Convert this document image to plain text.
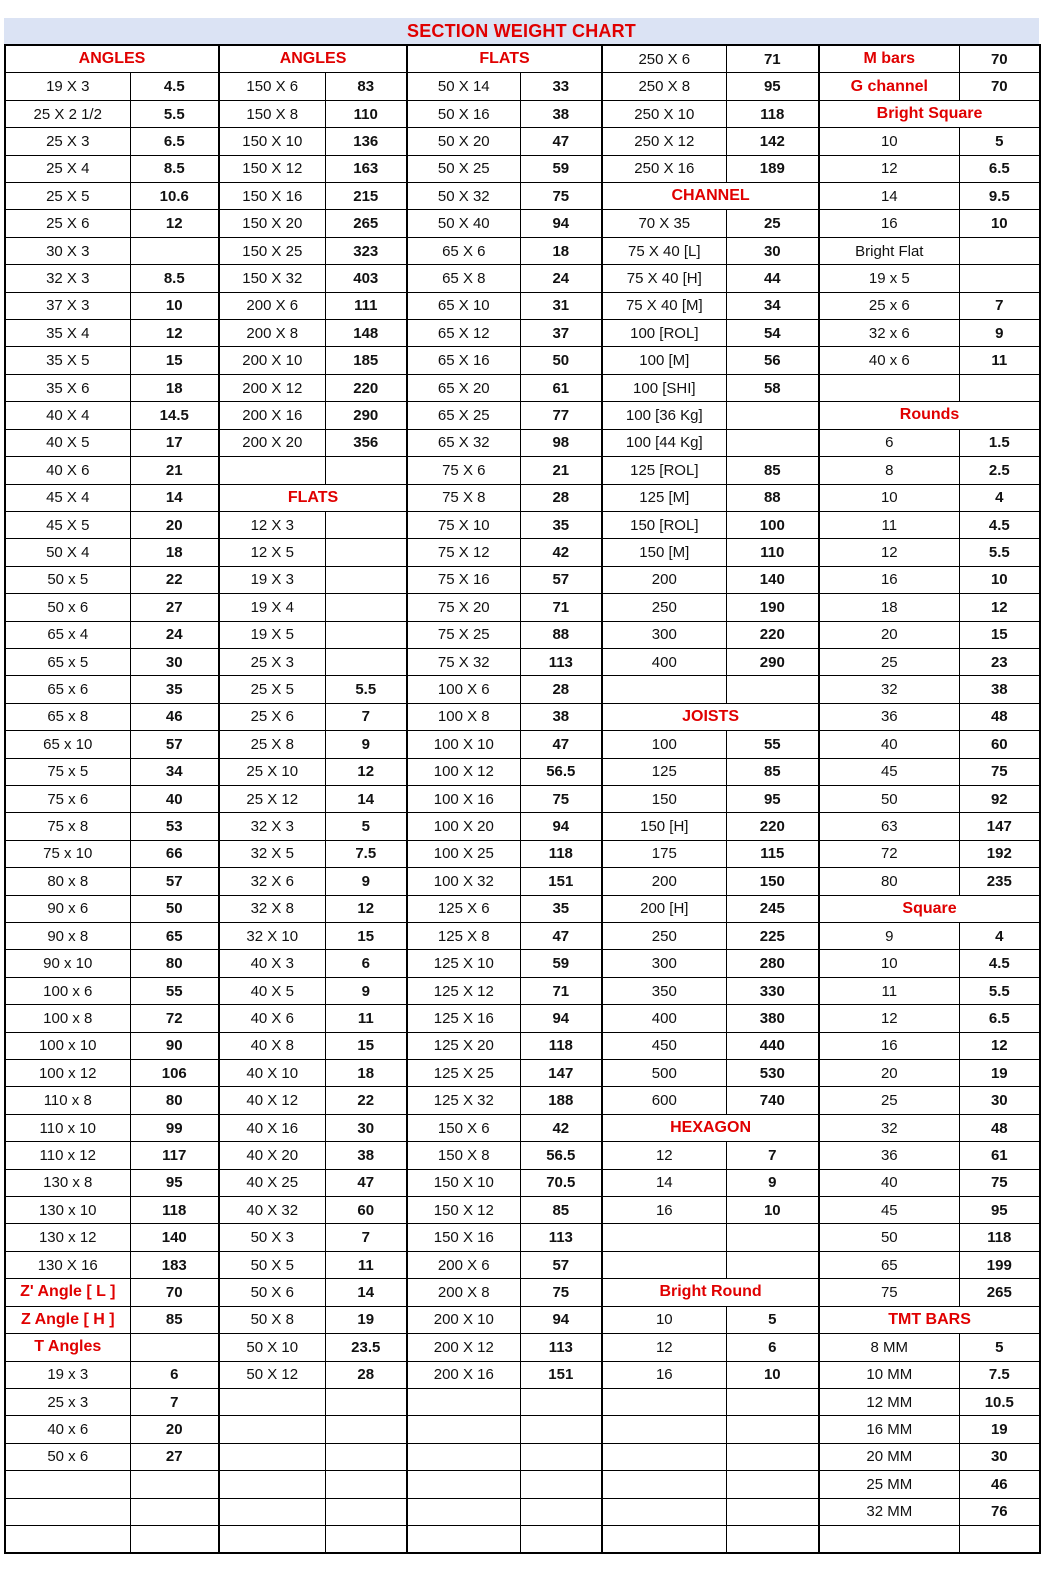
SECTION WEIGHT CHART
ANGLES		ANGLES		FLATS		250 X 6	71	M bars	70
19 X 3	4.5	150 X 6	83	50 X 14	33	250 X 8	95	G channel	70
25 X 2 1/2	5.5	150 X 8	110	50 X 16	38	250 X 10	118	Bright Square	
25 X 3	6.5	150 X 10	136	50 X 20	47	250 X 12	142	10	5
25 X 4	8.5	150 X 12	163	50 X 25	59	250 X 16	189	12	6.5
25 X 5	10.6	150 X 16	215	50 X 32	75	CHANNEL		14	9.5
25 X 6	12	150 X 20	265	50 X 40	94	70 X 35	25	16	10
30 X 3		150 X 25	323	65 X 6	18	75 X 40 [L]	30	Bright Flat	
32 X 3	8.5	150 X 32	403	65 X 8	24	75 X 40 [H]	44	19 x 5	
37 X 3	10	200 X 6	111	65 X 10	31	75 X 40 [M]	34	25 x 6	7
35 X 4	12	200 X 8	148	65 X 12	37	100 [ROL]	54	32 x 6	9
35 X 5	15	200 X 10	185	65 X 16	50	100 [M]	56	40 x 6	11
35 X 6	18	200 X 12	220	65 X 20	61	100 [SHI]	58		
40 X 4	14.5	200 X 16	290	65 X 25	77	100 [36 Kg]		Rounds	
40 X 5	17	200 X 20	356	65 X 32	98	100 [44 Kg]		6	1.5
40 X 6	21			75 X 6	21	125 [ROL]	85	8	2.5
45 X 4	14	FLATS		75 X 8	28	125 [M]	88	10	4
45 X 5	20	12 X 3		75 X 10	35	150 [ROL]	100	11	4.5
50 X 4	18	12 X 5		75 X 12	42	150 [M]	110	12	5.5
50 x 5	22	19 X 3		75 X 16	57	200	140	16	10
50 x 6	27	19 X 4		75 X 20	71	250	190	18	12
65 x 4	24	19 X 5		75 X 25	88	300	220	20	15
65 x 5	30	25 X 3		75 X 32	113	400	290	25	23
65 x 6	35	25 X 5	5.5	100 X 6	28			32	38
65 x 8	46	25 X 6	7	100 X 8	38	JOISTS		36	48
65 x 10	57	25 X 8	9	100 X 10	47	100	55	40	60
75 x 5	34	25 X 10	12	100 X 12	56.5	125	85	45	75
75 x 6	40	25 X 12	14	100 X 16	75	150	95	50	92
75 x 8	53	32 X 3	5	100 X 20	94	150 [H]	220	63	147
75 x 10	66	32 X 5	7.5	100 X 25	118	175	115	72	192
80 x 8	57	32 X 6	9	100 X 32	151	200	150	80	235
90 x 6	50	32 X 8	12	125 X 6	35	200 [H]	245	Square	
90 x 8	65	32 X 10	15	125 X 8	47	250	225	9	4
90 x 10	80	40 X 3	6	125 X 10	59	300	280	10	4.5
100 x 6	55	40 X 5	9	125 X 12	71	350	330	11	5.5
100 x 8	72	40 X 6	11	125 X 16	94	400	380	12	6.5
100 x 10	90	40 X 8	15	125 X 20	118	450	440	16	12
100 x 12	106	40 X 10	18	125 X 25	147	500	530	20	19
110 x 8	80	40 X 12	22	125 X 32	188	600	740	25	30
110 x 10	99	40 X 16	30	150 X 6	42	HEXAGON		32	48
110 x 12	117	40 X 20	38	150 X 8	56.5	12	7	36	61
130 x 8	95	40 X 25	47	150 X 10	70.5	14	9	40	75
130 x 10	118	40 X 32	60	150 X 12	85	16	10	45	95
130 x 12	140	50 X 3	7	150 X 16	113			50	118
130 X 16	183	50 X 5	11	200 X 6	57			65	199
Z' Angle [ L ]	70	50 X 6	14	200 X 8	75	Bright Round		75	265
Z Angle [ H ]	85	50 X 8	19	200 X 10	94	10	5	TMT BARS	
T Angles		50 X 10	23.5	200 X 12	113	12	6	8 MM	5
19 x 3	6	50 X 12	28	200 X 16	151	16	10	10 MM	7.5
25 x 3	7							12 MM	10.5
40 x 6	20							16 MM	19
50 x 6	27							20 MM	30
								25 MM	46
								32 MM	76
